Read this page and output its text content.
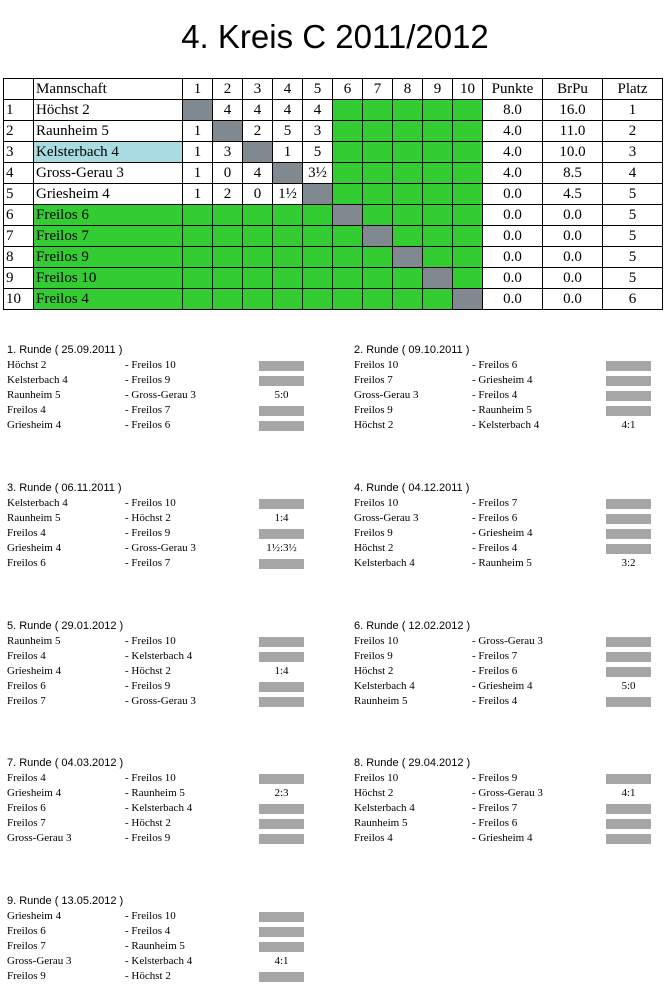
4. Kreis C 2011/2012
	Mannschaft	1	2	3	4	5	6	7	8	9	10	Punkte	BrPu	Platz
1	Höchst 2		4	4	4	4						8.0	16.0	1
2	Raunheim 5	1		2	5	3						4.0	11.0	2
3	Kelsterbach 4	1	3		1	5						4.0	10.0	3
4	Gross-Gerau 3	1	0	4		3½						4.0	8.5	4
5	Griesheim 4	1	2	0	1½							0.0	4.5	5
6	Freilos 6											0.0	0.0	5
7	Freilos 7											0.0	0.0	5
8	Freilos 9											0.0	0.0	5
9	Freilos 10											0.0	0.0	5
10	Freilos 4											0.0	0.0	6
1. Runde ( 25.09.2011 )
Höchst 2	- Freilos 10
Kelsterbach 4	- Freilos 9
Raunheim 5	- Gross-Gerau 3	5:0
Freilos 4	- Freilos 7
Griesheim 4	- Freilos 6
2. Runde ( 09.10.2011 )
Freilos 10	- Freilos 6
Freilos 7	- Griesheim 4
Gross-Gerau 3	- Freilos 4
Freilos 9	- Raunheim 5
Höchst 2	- Kelsterbach 4	4:1
3. Runde ( 06.11.2011 )
Kelsterbach 4	- Freilos 10
Raunheim 5	- Höchst 2	1:4
Freilos 4	- Freilos 9
Griesheim 4	- Gross-Gerau 3	1½:3½
Freilos 6	- Freilos 7
4. Runde ( 04.12.2011 )
Freilos 10	- Freilos 7
Gross-Gerau 3	- Freilos 6
Freilos 9	- Griesheim 4
Höchst 2	- Freilos 4
Kelsterbach 4	- Raunheim 5	3:2
5. Runde ( 29.01.2012 )
Raunheim 5	- Freilos 10
Freilos 4	- Kelsterbach 4
Griesheim 4	- Höchst 2	1:4
Freilos 6	- Freilos 9
Freilos 7	- Gross-Gerau 3
6. Runde ( 12.02.2012 )
Freilos 10	- Gross-Gerau 3
Freilos 9	- Freilos 7
Höchst 2	- Freilos 6
Kelsterbach 4	- Griesheim 4	5:0
Raunheim 5	- Freilos 4
7. Runde ( 04.03.2012 )
Freilos 4	- Freilos 10
Griesheim 4	- Raunheim 5	2:3
Freilos 6	- Kelsterbach 4
Freilos 7	- Höchst 2
Gross-Gerau 3	- Freilos 9
8. Runde ( 29.04.2012 )
Freilos 10	- Freilos 9
Höchst 2	- Gross-Gerau 3	4:1
Kelsterbach 4	- Freilos 7
Raunheim 5	- Freilos 6
Freilos 4	- Griesheim 4
9. Runde ( 13.05.2012 )
Griesheim 4	- Freilos 10
Freilos 6	- Freilos 4
Freilos 7	- Raunheim 5
Gross-Gerau 3	- Kelsterbach 4	4:1
Freilos 9	- Höchst 2
